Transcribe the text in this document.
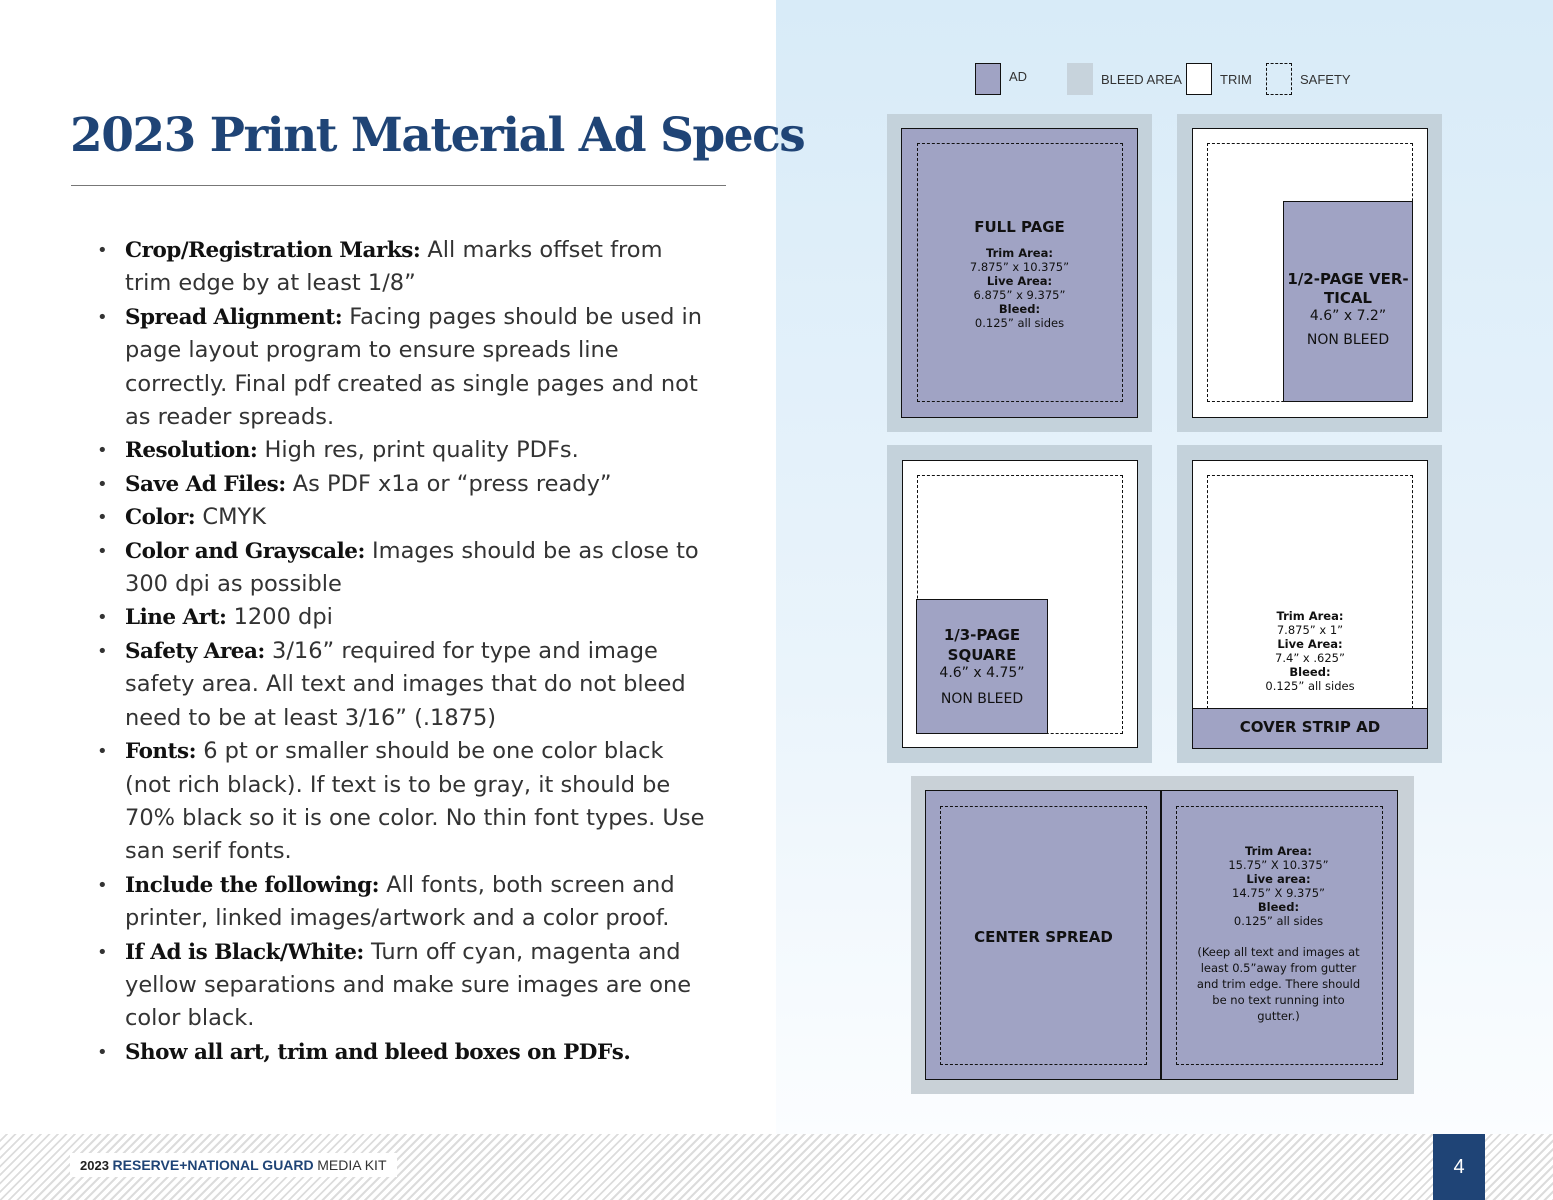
2023 Print Material Ad Specs
• Crop/Registration Marks: All marks offset from trim edge by at least 1/8”
• Spread Alignment: Facing pages should be used in page layout program to ensure spreads line correctly. Final pdf created as single pages and not as reader spreads.
• Resolution: High res, print quality PDFs.
• Save Ad Files: As PDF x1a or “press ready”
• Color: CMYK
• Color and Grayscale: Images should be as close to 300 dpi as possible
• Line Art: 1200 dpi
• Safety Area: 3/16” required for type and image safety area. All text and images that do not bleed need to be at least 3/16” (.1875)
• Fonts: 6 pt or smaller should be one color black (not rich black). If text is to be gray, it should be 70% black so it is one color. No thin font types. Use san serif fonts.
• Include the following: All fonts, both screen and printer, linked images/artwork and a color proof.
• If Ad is Black/White: Turn off cyan, magenta and yellow separations and make sure images are one color black.
• Show all art, trim and bleed boxes on PDFs.
AD	BLEED AREA	TRIM	SAFETY
FULL PAGE
Trim Area:
7.875” x 10.375”
Live Area:
6.875” x 9.375”
Bleed:
0.125” all sides
1/2-PAGE VER-TICAL
4.6” x 7.2”
NON BLEED
1/3-PAGE SQUARE
4.6” x 4.75”
NON BLEED
COVER STRIP AD
Trim Area:
7.875” x 1”
Live Area:
7.4” x .625”
Bleed:
0.125” all sides
CENTER SPREAD
Trim Area:
15.75” X 10.375”
Live area:
14.75” X 9.375”
Bleed:
0.125” all sides
(Keep all text and images at least 0.5”away from gutter and trim edge. There should be no text running into gutter.)
2023 RESERVE+NATIONAL GUARD MEDIA KIT	4
